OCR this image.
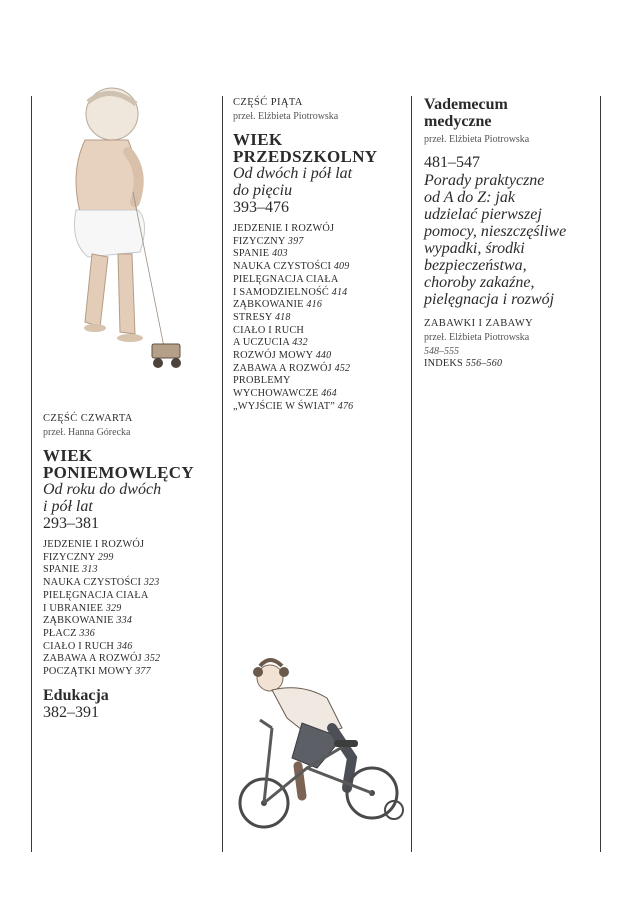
CZĘŚĆ CZWARTA
przeł. Hanna Górecka
WIEK
PONIEMOWLĘCY
Od roku do dwóch
i pół lat
293–381
JEDZENIE I ROZWÓJ
FIZYCZNY 299
SPANIE 313
NAUKA CZYSTOŚCI 323
PIELĘGNACJA CIAŁA
I UBRANIEE 329
ZĄBKOWANIE 334
PŁACZ 336
CIAŁO I RUCH 346
ZABAWA A ROZWÓJ 352
POCZĄTKI MOWY 377
Edukacja
382–391
CZĘŚĆ PIĄTA
przeł. Elżbieta Piotrowska
WIEK
PRZEDSZKOLNY
Od dwóch i pół lat
do pięciu
393–476
JEDZENIE I ROZWÓJ
FIZYCZNY 397
SPANIE 403
NAUKA CZYSTOŚCI 409
PIELĘGNACJA CIAŁA
I SAMODZIELNOŚĆ 414
ZĄBKOWANIE 416
STRESY 418
CIAŁO I RUCH
A UCZUCIA 432
ROZWÓJ MOWY 440
ZABAWA A ROZWÓJ 452
PROBLEMY
WYCHOWAWCZE 464
„WYJŚCIE W ŚWIAT” 476
Vademecum
medyczne
przeł. Elżbieta Piotrowska
481–547
Porady praktyczne
od A do Z: jak
udzielać pierwszej
pomocy, nieszczęśliwe
wypadki, środki
bezpieczeństwa,
choroby zakaźne,
pielęgnacja i rozwój
ZABAWKI I ZABAWY
przeł. Elżbieta Piotrowska
548–555
INDEKS 556–560
